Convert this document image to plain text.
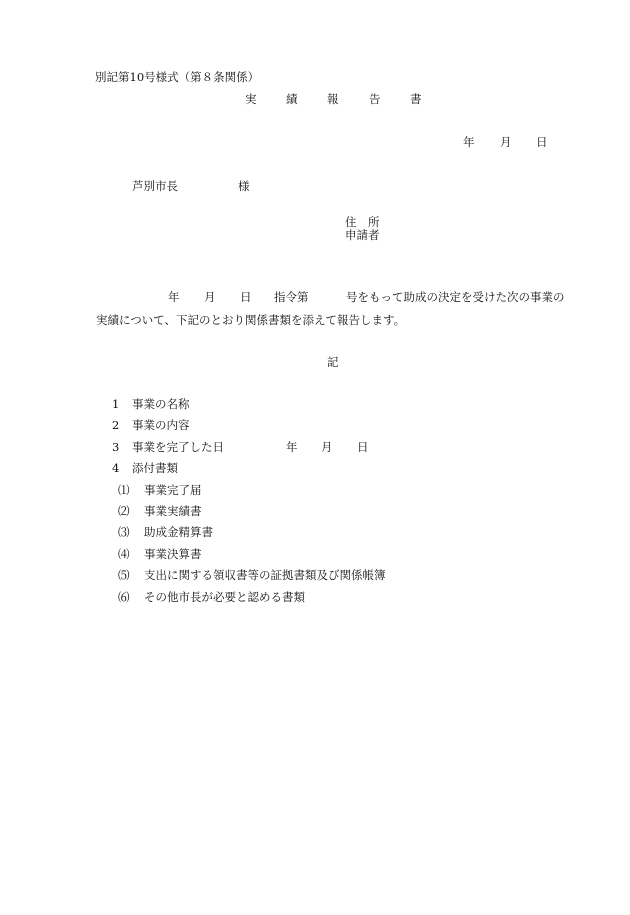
別記第10号様式（第８条関係）
実	績	報	告	書
年 月 日
芦別市長	様
住　所
申請者
年 月 日 指令第	号をもって助成の決定を受けた次の事業の
実績について、下記のとおり関係書類を添えて報告します。
記
1 事業の名称
2 事業の内容
3 事業を完了した日	年 月 日
4 添付書類
⑴ 事業完了届
⑵ 事業実績書
⑶ 助成金精算書
⑷ 事業決算書
⑸ 支出に関する領収書等の証拠書類及び関係帳簿
⑹ その他市長が必要と認める書類
